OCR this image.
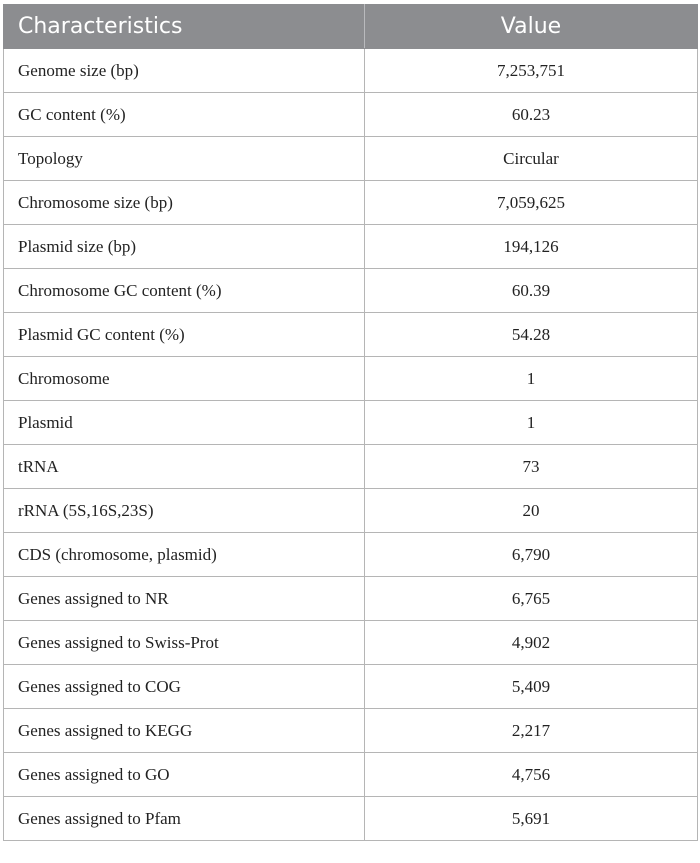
Characteristics	Value
Genome size (bp)	7,253,751
GC content (%)	60.23
Topology	Circular
Chromosome size (bp)	7,059,625
Plasmid size (bp)	194,126
Chromosome GC content (%)	60.39
Plasmid GC content (%)	54.28
Chromosome	1
Plasmid	1
tRNA	73
rRNA (5S,16S,23S)	20
CDS (chromosome, plasmid)	6,790
Genes assigned to NR	6,765
Genes assigned to Swiss-Prot	4,902
Genes assigned to COG	5,409
Genes assigned to KEGG	2,217
Genes assigned to GO	4,756
Genes assigned to Pfam	5,691
